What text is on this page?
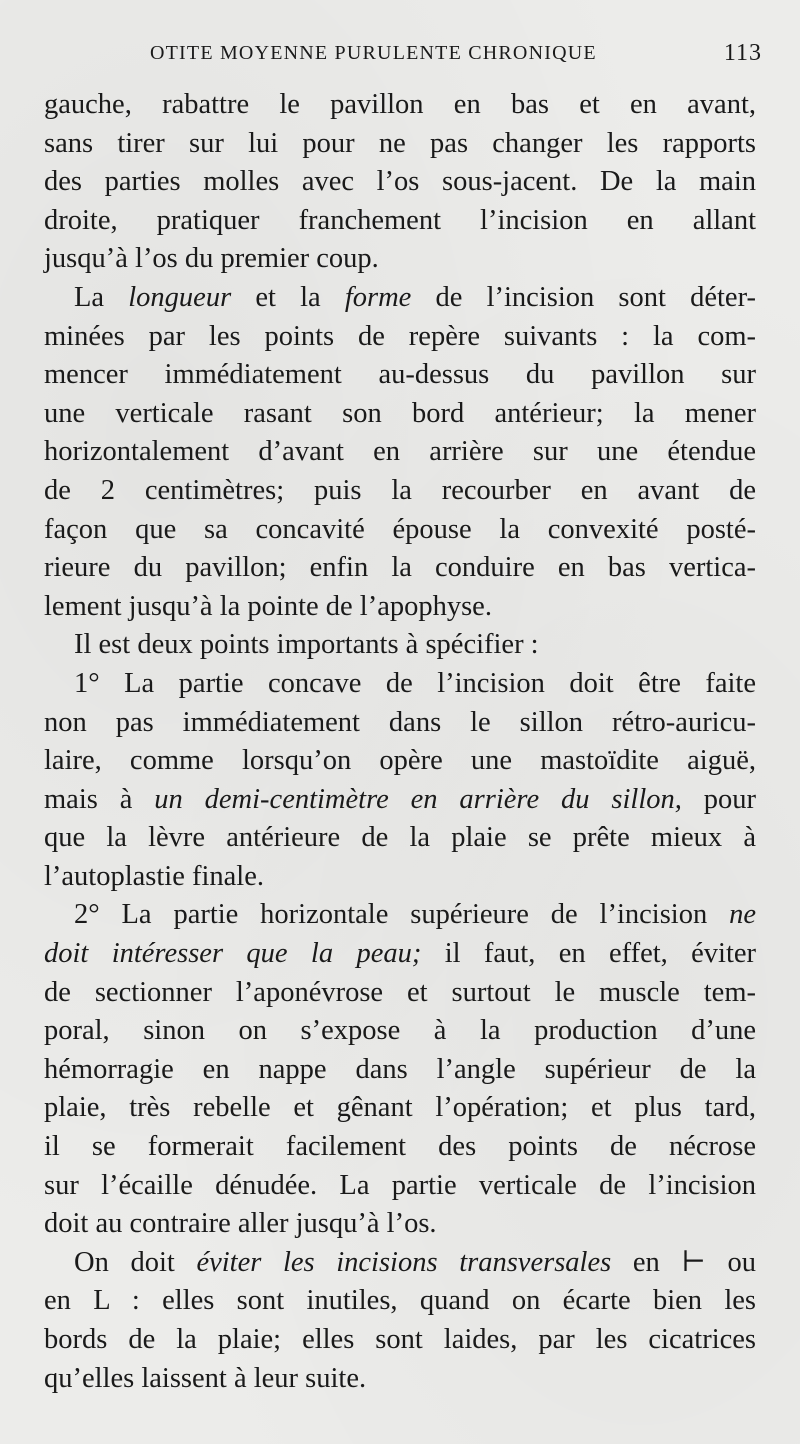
OTITE MOYENNE PURULENTE CHRONIQUE	113
gauche, rabattre le pavillon en bas et en avant,
sans tirer sur lui pour ne pas changer les rapports
des parties molles avec l’os sous-jacent. De la main
droite, pratiquer franchement l’incision en allant
jusqu’à l’os du premier coup.
La longueur et la forme de l’incision sont déter-
minées par les points de repère suivants : la com-
mencer immédiatement au-dessus du pavillon sur
une verticale rasant son bord antérieur; la mener
horizontalement d’avant en arrière sur une étendue
de 2 centimètres; puis la recourber en avant de
façon que sa concavité épouse la convexité posté-
rieure du pavillon; enfin la conduire en bas vertica-
lement jusqu’à la pointe de l’apophyse.
Il est deux points importants à spécifier :
1° La partie concave de l’incision doit être faite
non pas immédiatement dans le sillon rétro-auricu-
laire, comme lorsqu’on opère une mastoïdite aiguë,
mais à un demi-centimètre en arrière du sillon, pour
que la lèvre antérieure de la plaie se prête mieux à
l’autoplastie finale.
2° La partie horizontale supérieure de l’incision ne
doit intéresser que la peau; il faut, en effet, éviter
de sectionner l’aponévrose et surtout le muscle tem-
poral, sinon on s’expose à la production d’une
hémorragie en nappe dans l’angle supérieur de la
plaie, très rebelle et gênant l’opération; et plus tard,
il se formerait facilement des points de nécrose
sur l’écaille dénudée. La partie verticale de l’incision
doit au contraire aller jusqu’à l’os.
On doit éviter les incisions transversales en ⊢ ou
en L : elles sont inutiles, quand on écarte bien les
bords de la plaie; elles sont laides, par les cicatrices
qu’elles laissent à leur suite.
